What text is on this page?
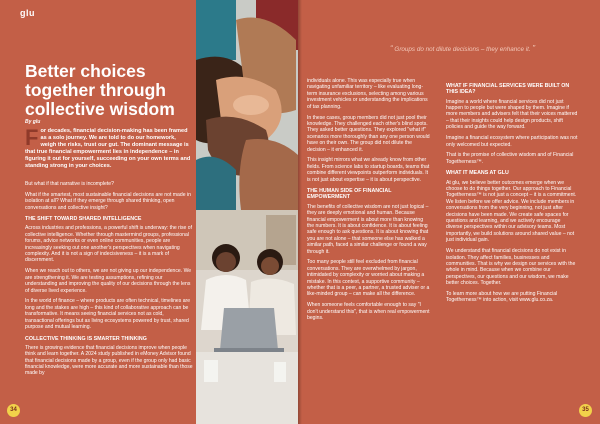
glu
Better choices together through collective wisdom
By glu
F or decades, financial decision-making has been framed as a solo journey. We are told to do our homework, weigh the risks, trust our gut. The dominant message is that true financial empowerment lies in independence – in figuring it out for yourself, succeeding on your own terms and standing strong in your choices.

But what if that narrative is incomplete?

What if the smartest, most sustainable financial decisions are not made in isolation at all? What if they emerge through shared thinking, open conversations and collective insight?

THE SHIFT TOWARD SHARED INTELLIGENCE

Across industries and professions, a powerful shift is underway: the rise of collective intelligence. Whether through mastermind groups, professional forums, advice networks or even online communities, people are increasingly seeking out one another's perspectives when navigating complexity. And it is not a sign of indecisiveness – it is a mark of discernment.

When we reach out to others, we are not giving up our independence. We are strengthening it. We are testing assumptions, refining our understanding and improving the quality of our decisions through the lens of diverse lived experience.

In the world of finance – where products are often technical, timelines are long and the stakes are high – this kind of collaborative approach can be transformative. It means seeing financial services not as cold, transactional offerings but as living ecosystems powered by trust, shared purpose and mutual learning.

COLLECTIVE THINKING IS SMARTER THINKING

There is growing evidence that financial decisions improve when people think and learn together. A 2024 study published in eMoney Advisor found that financial decisions made by a group, even if the group only had basic financial knowledge, were more accurate and more sustainable than those made by

“ Groups do not dilute decisions – they enhance it. ”

individuals alone. This was especially true when navigating unfamiliar territory – like evaluating long-term insurance exclusions, selecting among various investment vehicles or understanding the implications of tax planning.

In these cases, group members did not just pool their knowledge. They challenged each other's blind spots. They asked better questions. They explored "what if" scenarios more thoroughly than any one person would have on their own. The group did not dilute the decision – it enhanced it.

This insight mirrors what we already know from other fields. From science labs to startup boards, teams that combine different viewpoints outperform individuals. It is not just about expertise – it is about perspective.

THE HUMAN SIDE OF FINANCIAL EMPOWERMENT

The benefits of collective wisdom are not just logical – they are deeply emotional and human. Because financial empowerment is about more than knowing the numbers. It is about confidence. It is about feeling safe enough to ask questions. It is about knowing that you are not alone – that someone else has walked a similar path, faced a similar challenge or found a way through it.

Too many people still feel excluded from financial conversations. They are overwhelmed by jargon, intimidated by complexity or worried about making a mistake. In this context, a supportive community – whether that is a peer, a partner, a trusted adviser or a like-minded group – can make all the difference.

When someone feels comfortable enough to say "I don't understand this", that is when real empowerment begins.

WHAT IF FINANCIAL SERVICES WERE BUILT ON THIS IDEA?

Imagine a world where financial services did not just happen to people but were shaped by them. Imagine if more members and advisers felt that their voices mattered – that their insights could help design products, shift policies and guide the way forward.

Imagine a financial ecosystem where participation was not only welcomed but expected.

That is the promise of collective wisdom and of Financial Togetherness™.

WHAT IT MEANS AT GLU

At glu, we believe better outcomes emerge when we choose to do things together. Our approach to Financial Togetherness™ is not just a concept – it is a commitment. We listen before we offer advice. We include members in conversations from the very beginning, not just after decisions have been made. We create safe spaces for questions and learning, and we actively encourage diverse perspectives within our advisory teams. Most importantly, we build solutions around shared value – not just individual gain.

We understand that financial decisions do not exist in isolation. They affect families, businesses and communities. That is why we design our services with the whole in mind. Because when we combine our perspectives, our questions and our wisdom, we make better choices. Together.

To learn more about how we are putting Financial Togetherness™ into action, visit www.glu.co.za.

34	35
